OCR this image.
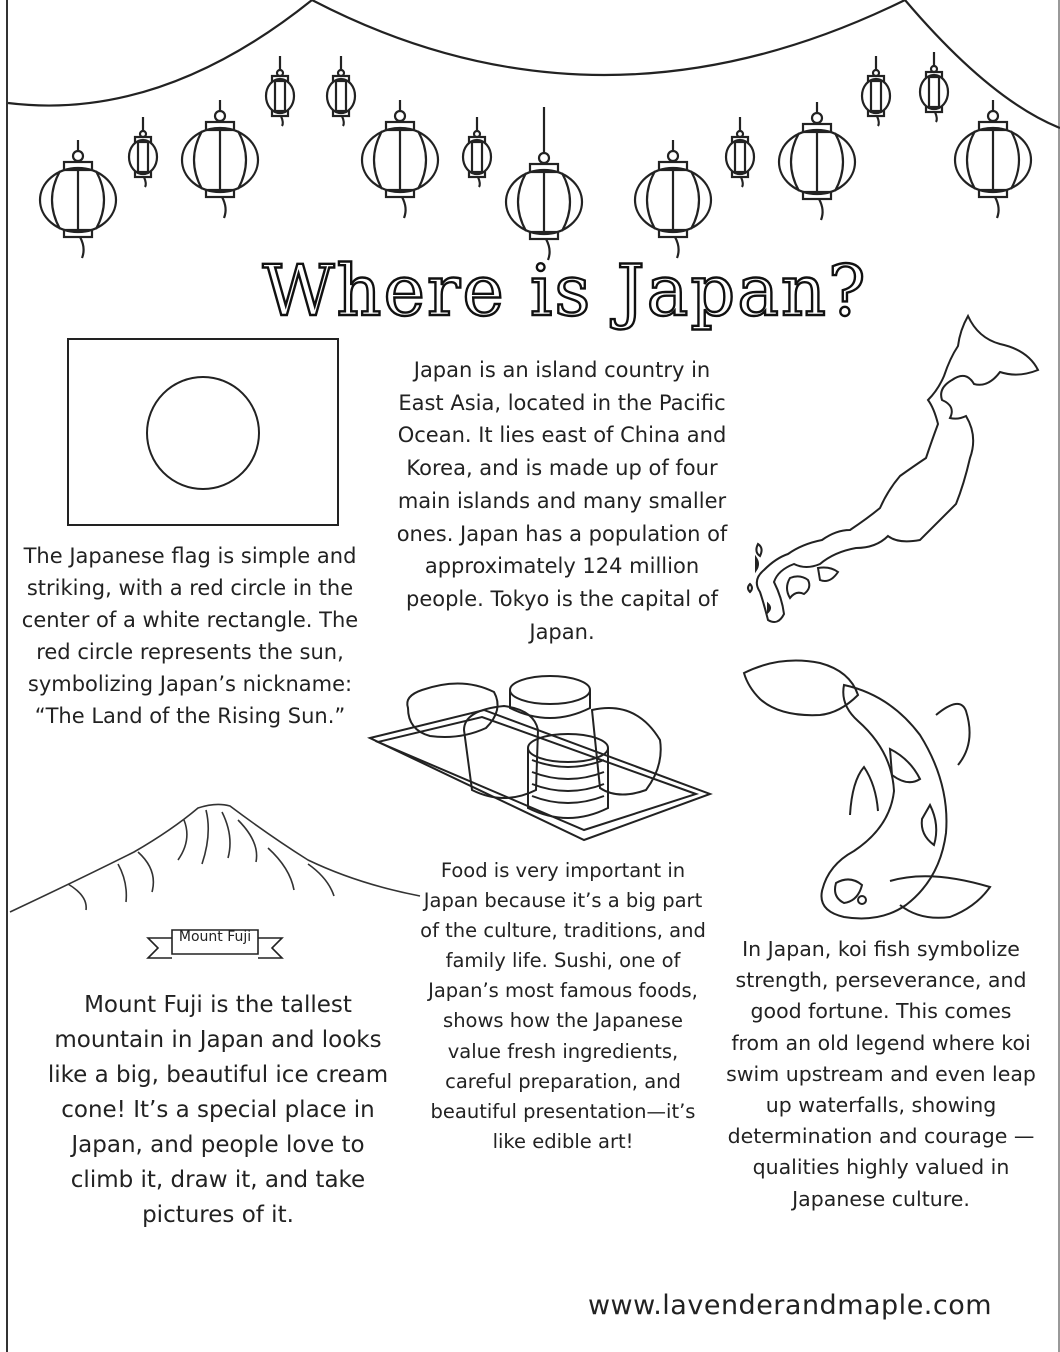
Where is Japan?

The Japanese flag is simple and striking, with a red circle in the center of a white rectangle. The red circle represents the sun, symbolizing Japan’s nickname: “The Land of the Rising Sun.”

Japan is an island country in East Asia, located in the Pacific Ocean. It lies east of China and Korea, and is made up of four main islands and many smaller ones. Japan has a population of approximately 124 million people. Tokyo is the capital of Japan.

Mount Fuji

Mount Fuji is the tallest mountain in Japan and looks like a big, beautiful ice cream cone! It’s a special place in Japan, and people love to climb it, draw it, and take pictures of it.

Food is very important in Japan because it’s a big part of the culture, traditions, and family life. Sushi, one of Japan’s most famous foods, shows how the Japanese value fresh ingredients, careful preparation, and beautiful presentation—it’s like edible art!

In Japan, koi fish symbolize strength, perseverance, and good fortune. This comes from an old legend where koi swim upstream and even leap up waterfalls, showing determination and courage —qualities highly valued in Japanese culture.

www.lavenderandmaple.com
